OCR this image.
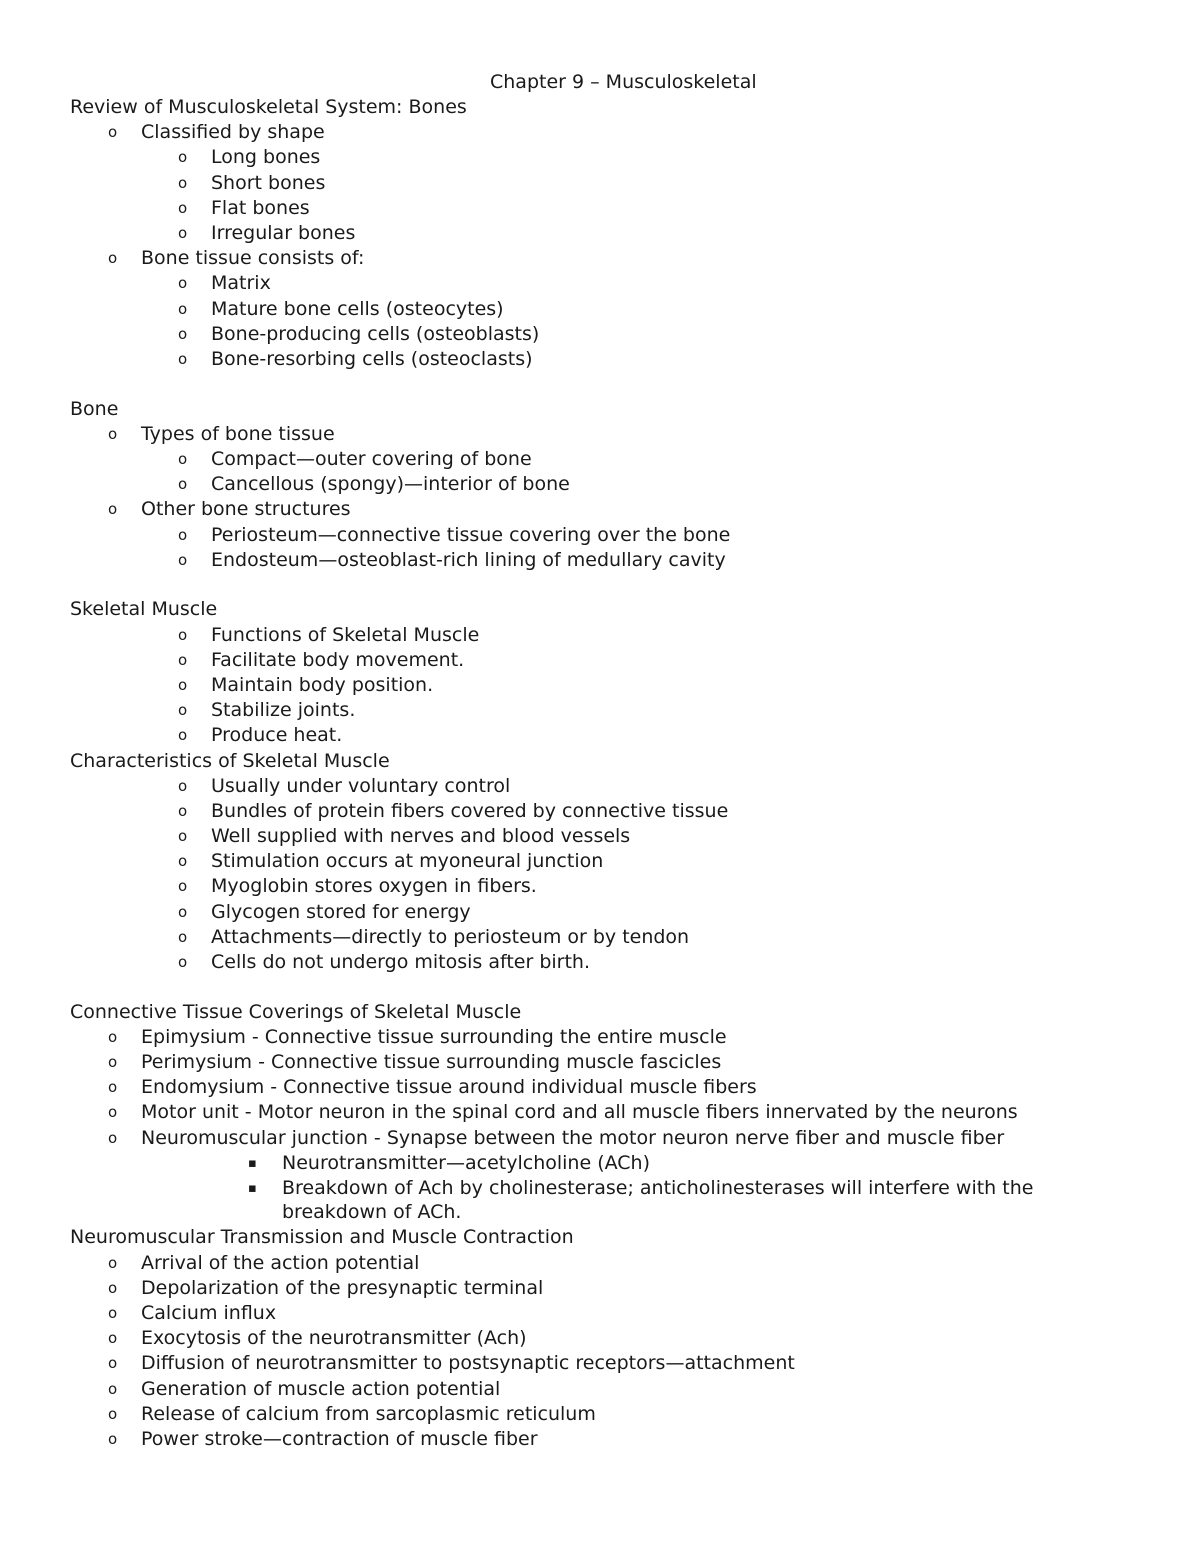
Chapter 9 – Musculoskeletal
Review of Musculoskeletal System: Bones
o Classified by shape
o Long bones
o Short bones
o Flat bones
o Irregular bones
o Bone tissue consists of:
o Matrix
o Mature bone cells (osteocytes)
o Bone-producing cells (osteoblasts)
o Bone-resorbing cells (osteoclasts)
Bone
o Types of bone tissue
o Compact—outer covering of bone
o Cancellous (spongy)—interior of bone
o Other bone structures
o Periosteum—connective tissue covering over the bone
o Endosteum—osteoblast-rich lining of medullary cavity
Skeletal Muscle
o Functions of Skeletal Muscle
o Facilitate body movement.
o Maintain body position.
o Stabilize joints.
o Produce heat.
Characteristics of Skeletal Muscle
o Usually under voluntary control
o Bundles of protein fibers covered by connective tissue
o Well supplied with nerves and blood vessels
o Stimulation occurs at myoneural junction
o Myoglobin stores oxygen in fibers.
o Glycogen stored for energy
o Attachments—directly to periosteum or by tendon
o Cells do not undergo mitosis after birth.
Connective Tissue Coverings of Skeletal Muscle
o Epimysium - Connective tissue surrounding the entire muscle
o Perimysium - Connective tissue surrounding muscle fascicles
o Endomysium - Connective tissue around individual muscle fibers
o Motor unit - Motor neuron in the spinal cord and all muscle fibers innervated by the neurons
o Neuromuscular junction - Synapse between the motor neuron nerve fiber and muscle fiber
▪ Neurotransmitter—acetylcholine (ACh)
▪ Breakdown of Ach by cholinesterase; anticholinesterases will interfere with the
breakdown of ACh.
Neuromuscular Transmission and Muscle Contraction
o Arrival of the action potential
o Depolarization of the presynaptic terminal
o Calcium influx
o Exocytosis of the neurotransmitter (Ach)
o Diffusion of neurotransmitter to postsynaptic receptors—attachment
o Generation of muscle action potential
o Release of calcium from sarcoplasmic reticulum
o Power stroke—contraction of muscle fiber
